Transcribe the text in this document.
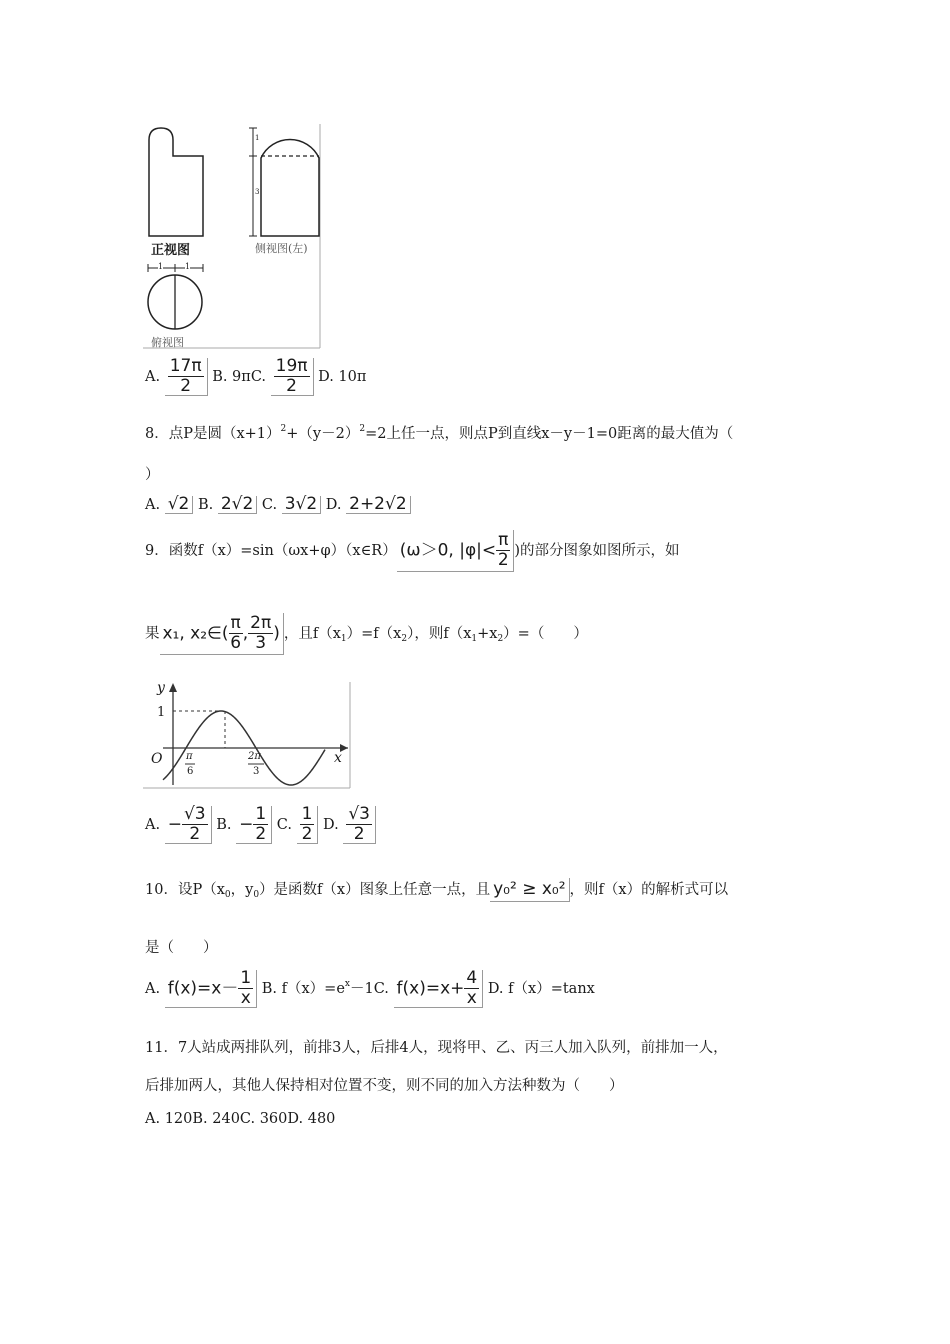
1
3
正视图	侧视图(左)
1	1
俯视图
A. $\frac{17\pi}{2} B$. 9πC. $\frac{19\pi}{2} D$. 10π
8．点P是圆$(x+1)^2+(y-2)^2=2$上任一点，则点P到直线x－y－1=0距离的最大值为（
）
A. √2 B. 2√2 C. 3√2 D. 2+2√2
9．函数f（x）=sin（ωx+φ）（x∈R） (ω＞0, $|\varphi|< \frac{\pi}{2}$ )的部分图象如图所示，如
果 x₁, x₂∈( $\frac{\pi}{6}$ , $\frac{2\pi}{3}$ ) ，且$f(x_1)=f(x_2)$，则$f(x_1+x_2)=$（　　）
y
x
O
1
π
6
2π
3
A. − $\frac{√3}{2} B$. − $\frac{1}{2} C$. $\frac{1}{2} D$. $\frac{√3}{2}$
10．设$P(x_0$，$y_0$）是函数f（x）图象上任意一点，且 y₀² ≥ x₀² ，则f（x）的解析式可以
是（　　）
A. $f(x)=x- \frac{1}{x} B$. $f(x)=e^x-1C$. $f(x)=x+ \frac{4}{x} D$. f（x）=tanx
11．7人站成两排队列，前排3人，后排4人，现将甲、乙、丙三人加入队列，前排加一人，
后排加两人，其他人保持相对位置不变，则不同的加入方法种数为（　　）
A. 120B. 240C. 360D. 480
